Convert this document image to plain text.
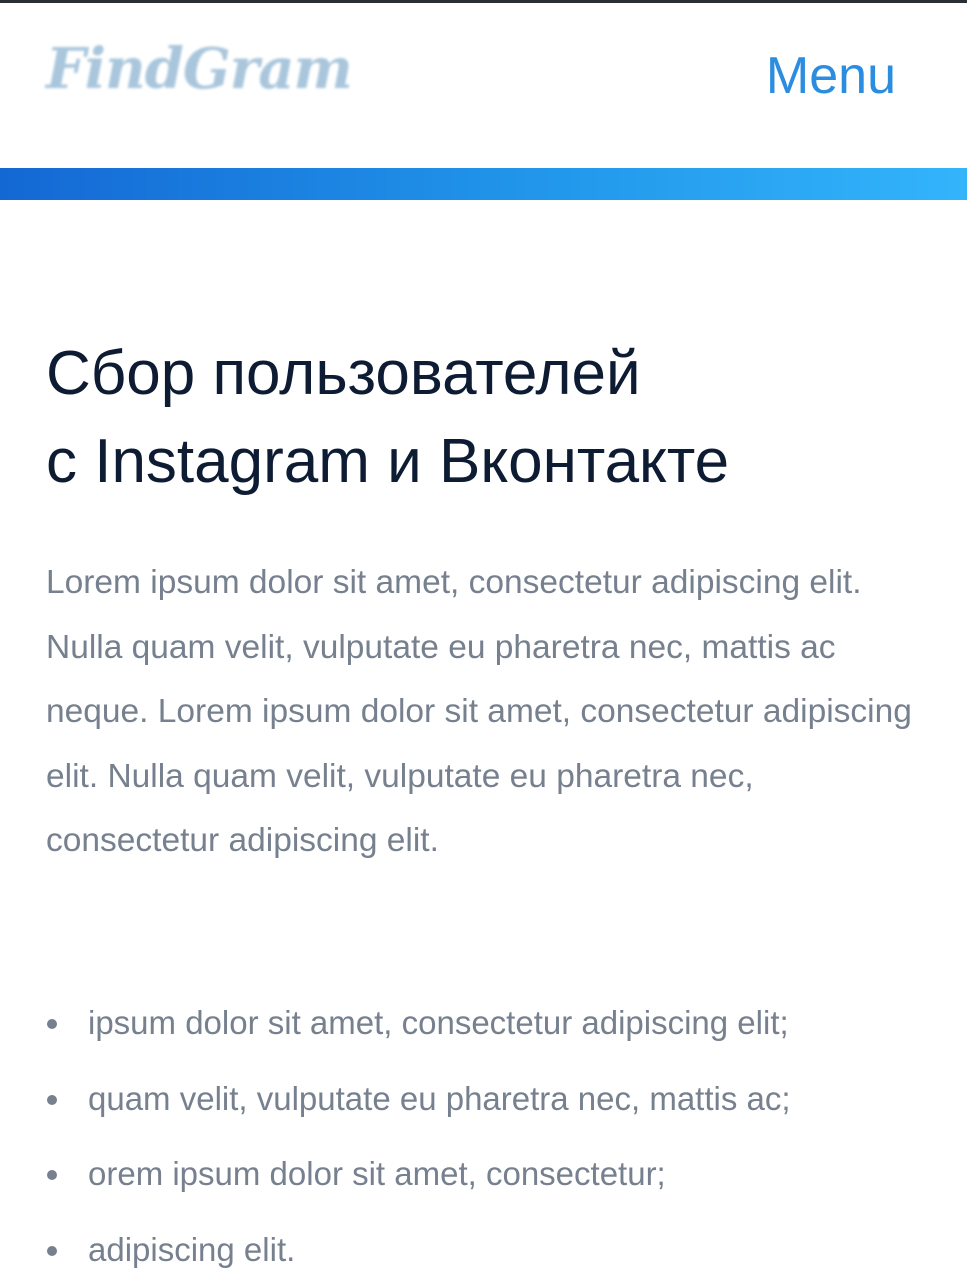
FindGram	Menu
Сбор пользователей
с Instagram и Вконтакте

Lorem ipsum dolor sit amet, consectetur adipiscing elit. Nulla quam velit, vulputate eu pharetra nec, mattis ac neque. Lorem ipsum dolor sit amet, consectetur adipiscing elit. Nulla quam velit, vulputate eu pharetra nec, consectetur adipiscing elit.

ipsum dolor sit amet, consectetur adipiscing elit;
quam velit, vulputate eu pharetra nec, mattis ac;
orem ipsum dolor sit amet, consectetur;
adipiscing elit.
